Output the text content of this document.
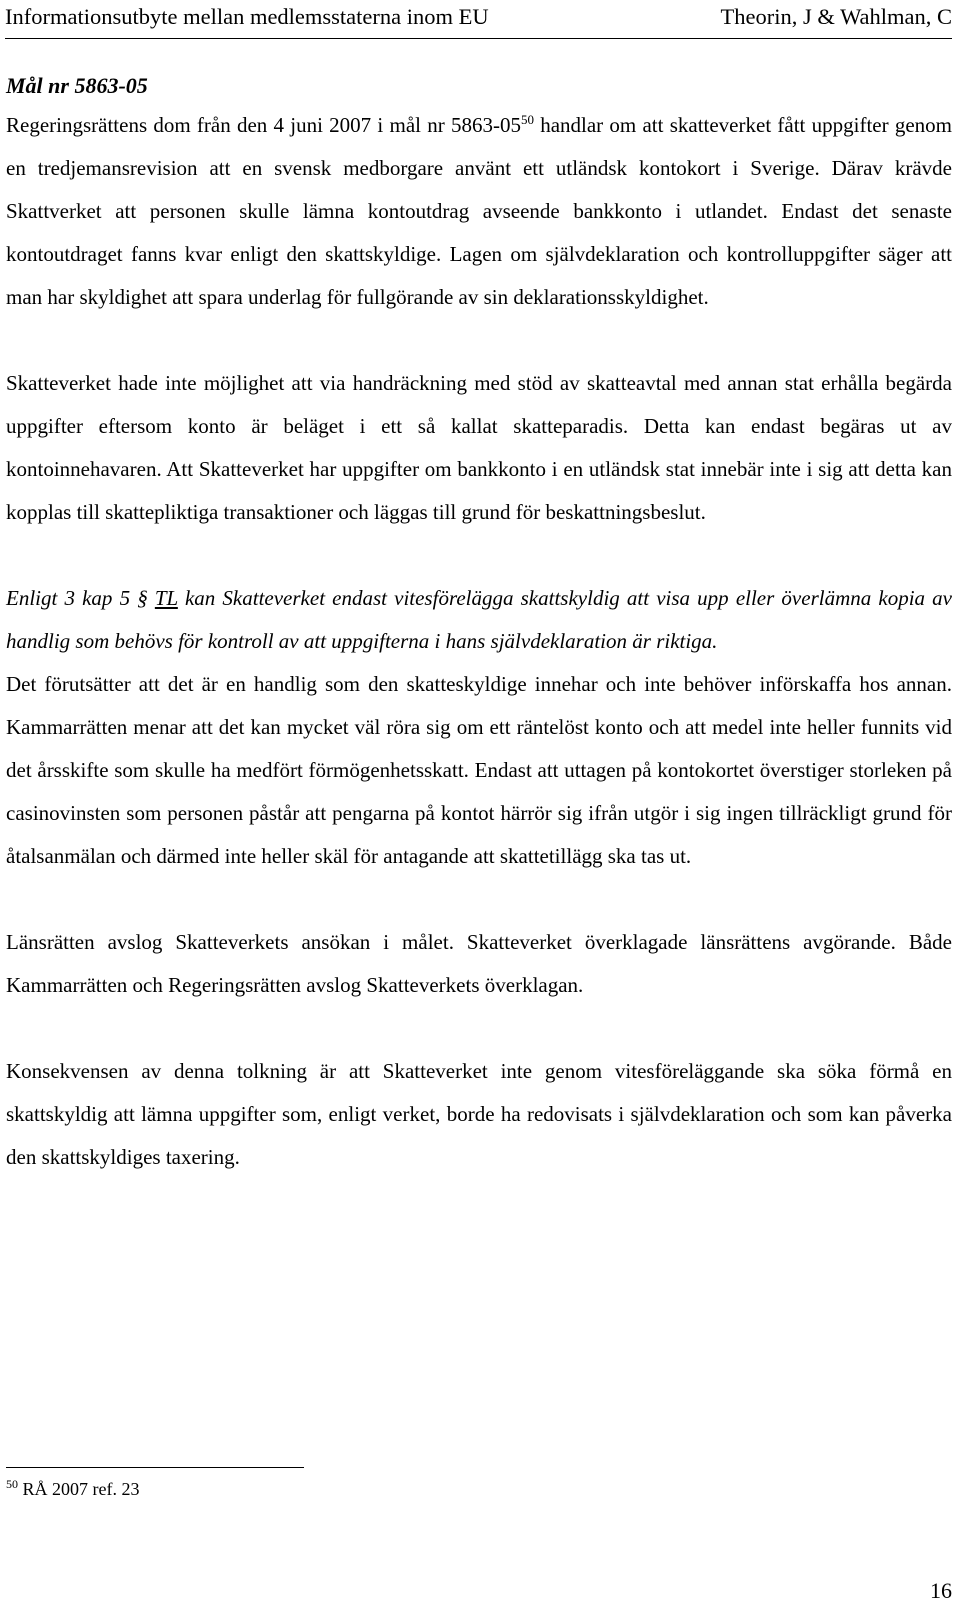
Informationsutbyte mellan medlemsstaterna inom EU	Theorin, J & Wahlman, C

Mål nr 5863-05

Regeringsrättens dom från den 4 juni 2007 i mål nr $5863-05^{50}$ handlar om att skatteverket fått uppgifter genom en tredjemansrevision att en svensk medborgare använt ett utländsk kontokort i Sverige. Därav krävde Skattverket att personen skulle lämna kontoutdrag avseende bankkonto i utlandet. Endast det senaste kontoutdraget fanns kvar enligt den skattskyldige. Lagen om självdeklaration och kontrolluppgifter säger att man har skyldighet att spara underlag för fullgörande av sin deklarationsskyldighet.

Skatteverket hade inte möjlighet att via handräckning med stöd av skatteavtal med annan stat erhålla begärda uppgifter eftersom konto är beläget i ett så kallat skatteparadis. Detta kan endast begäras ut av kontoinnehavaren. Att Skatteverket har uppgifter om bankkonto i en utländsk stat innebär inte i sig att detta kan kopplas till skattepliktiga transaktioner och läggas till grund för beskattningsbeslut.

Enligt 3 kap 5 § TL kan Skatteverket endast vitesförelägga skattskyldig att visa upp eller överlämna kopia av handlig som behövs för kontroll av att uppgifterna i hans självdeklaration är riktiga.

Det förutsätter att det är en handlig som den skatteskyldige innehar och inte behöver införskaffa hos annan. Kammarrätten menar att det kan mycket väl röra sig om ett räntelöst konto och att medel inte heller funnits vid det årsskifte som skulle ha medfört förmögenhetsskatt. Endast att uttagen på kontokortet överstiger storleken på casinovinsten som personen påstår att pengarna på kontot härrör sig ifrån utgör i sig ingen tillräckligt grund för åtalsanmälan och därmed inte heller skäl för antagande att skattetillägg ska tas ut.

Länsrätten avslog Skatteverkets ansökan i målet. Skatteverket överklagade länsrättens avgörande. Både Kammarrätten och Regeringsrätten avslog Skatteverkets överklagan.

Konsekvensen av denna tolkning är att Skatteverket inte genom vitesföreläggande ska söka förmå en skattskyldig att lämna uppgifter som, enligt verket, borde ha redovisats i självdeklaration och som kan påverka den skattskyldiges taxering.

$^{50}$ RÅ 2007 ref. 23
16
